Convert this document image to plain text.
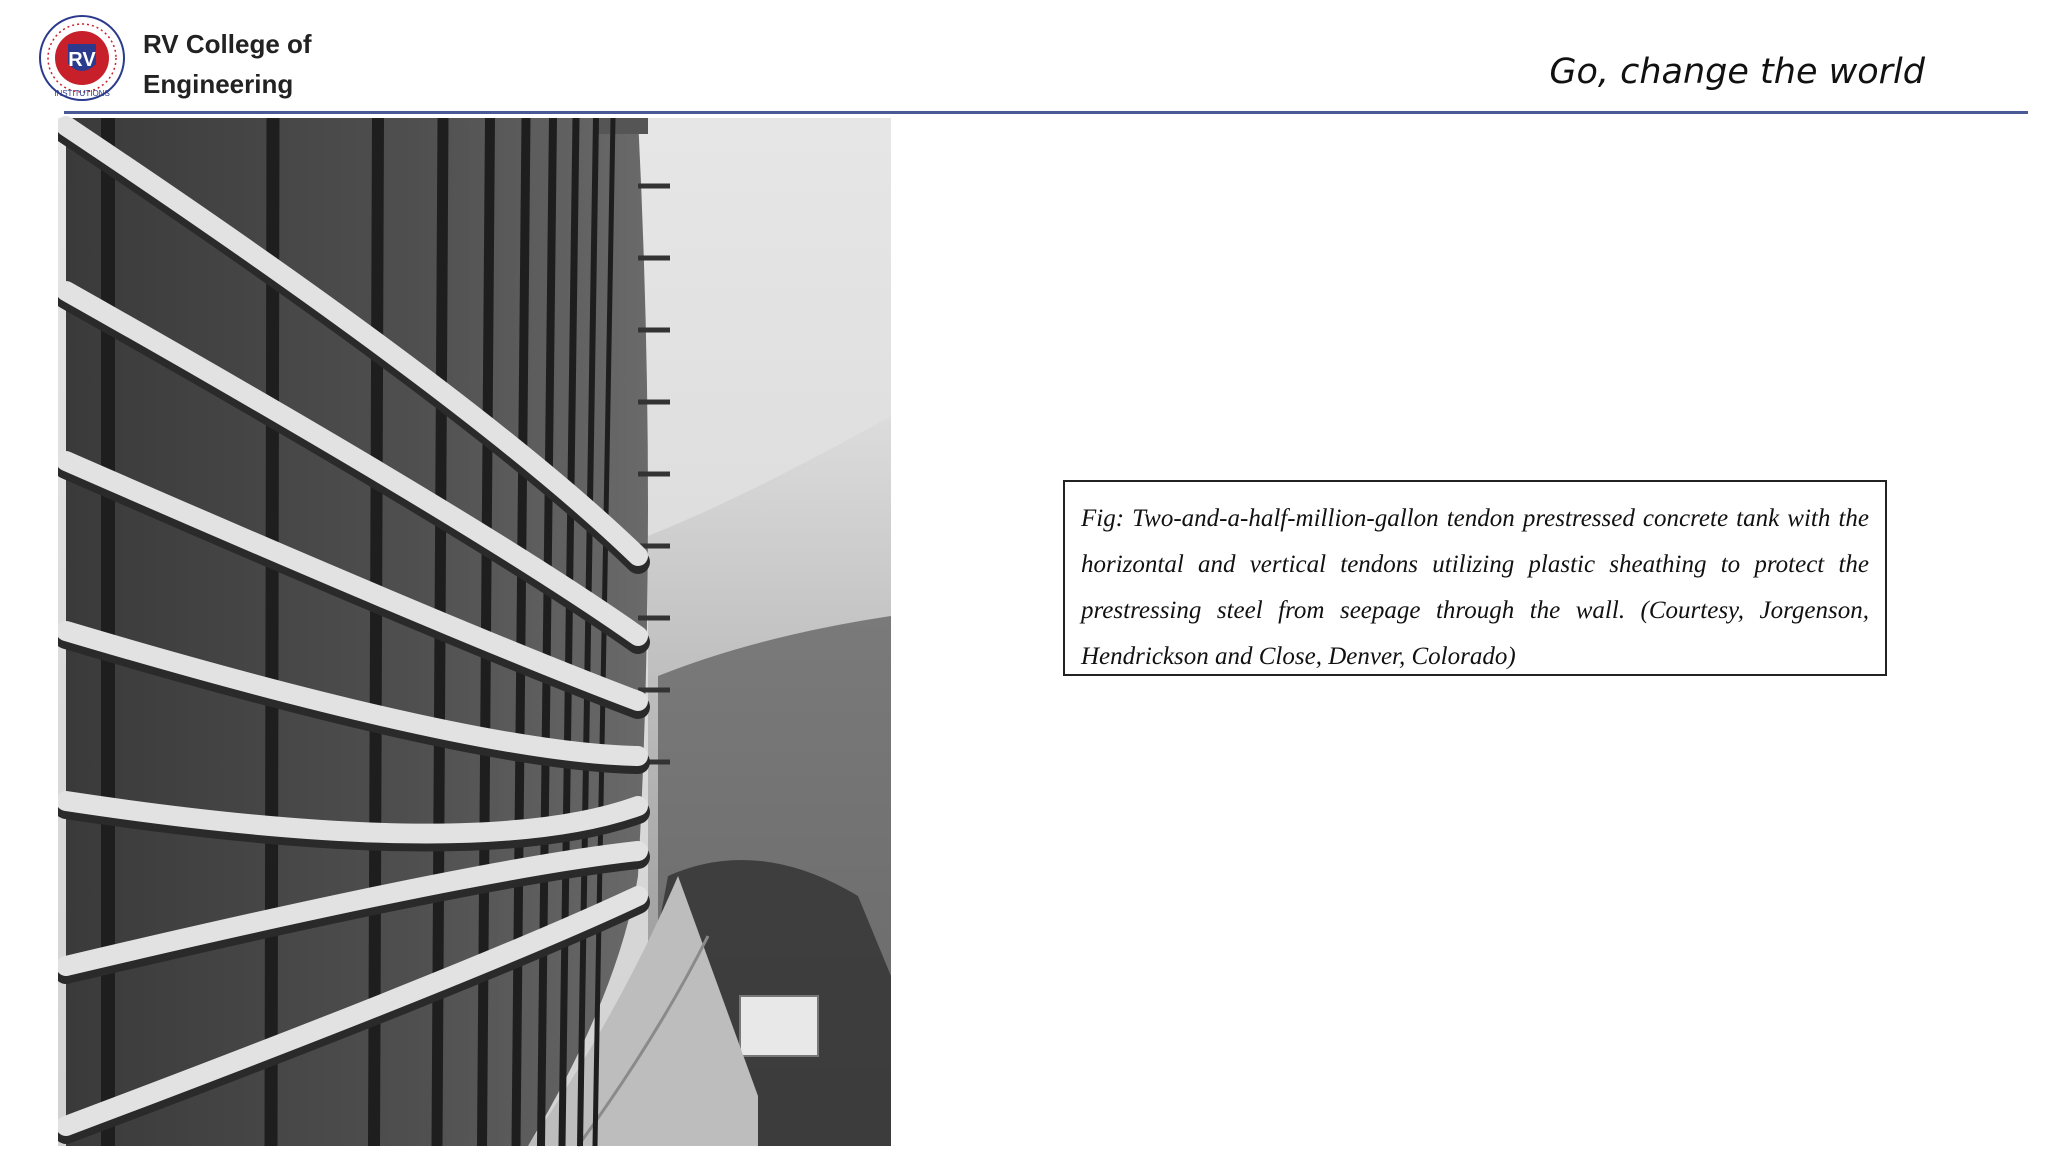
RV
INSTITUTIONS
RV College of
Engineering	Go, change the world

Fig: Two-and-a-half-million-gallon tendon prestressed concrete tank with the horizontal and vertical tendons utilizing plastic sheathing to protect the prestressing steel from seepage through the wall. (Courtesy, Jorgenson, Hendrickson and Close, Denver, Colorado)
